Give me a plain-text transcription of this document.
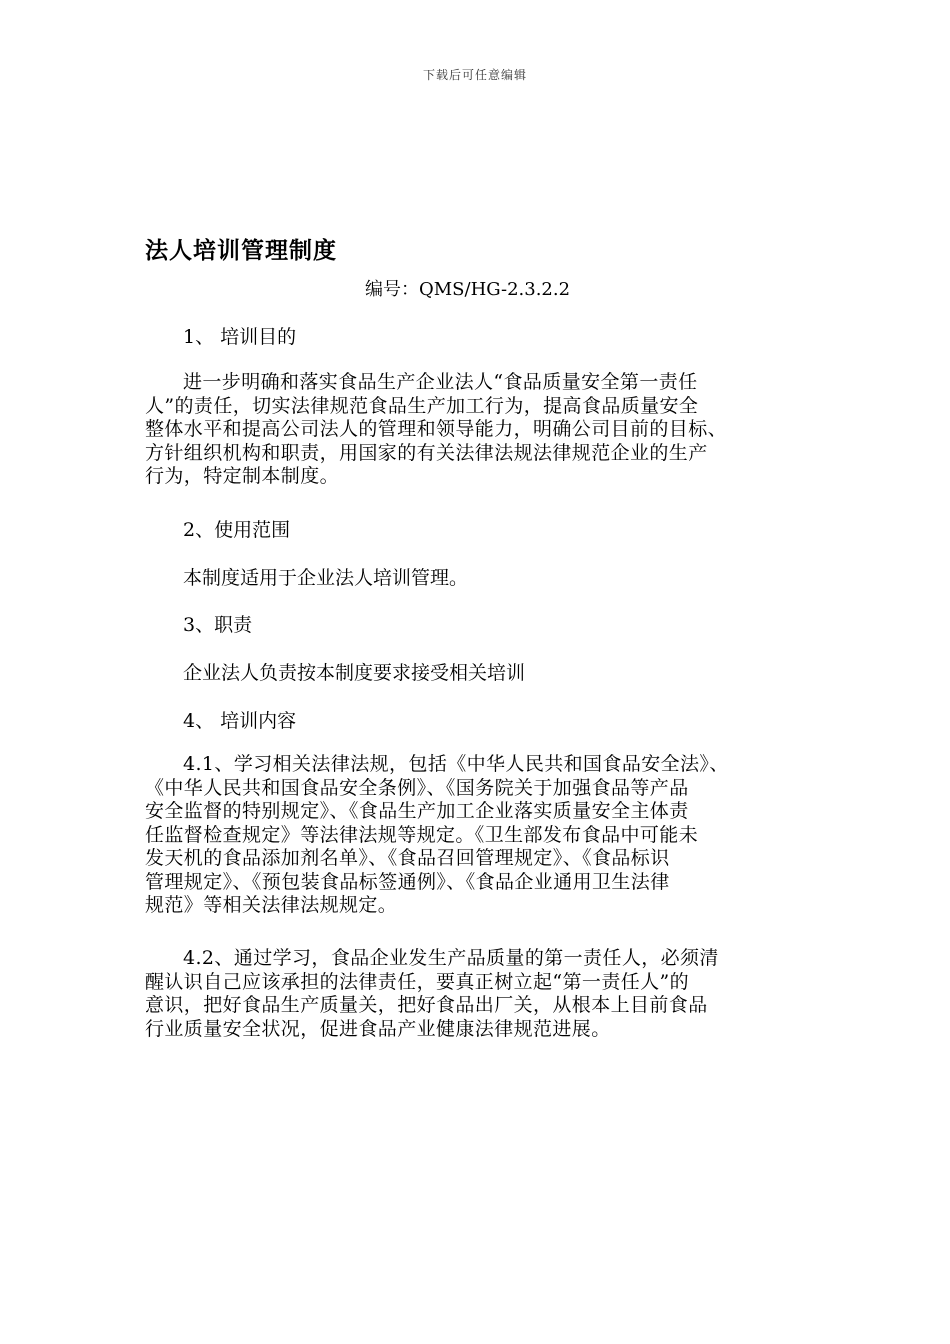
下载后可任意编辑
法人培训管理制度
编号：QMS/HG-2.3.2.2

1、 培训目的

进一步明确和落实食品生产企业法人“食品质量安全第一责任
人”的责任，切实法律规范食品生产加工行为，提高食品质量安全
整体水平和提高公司法人的管理和领导能力，明确公司目前的目标、
方针组织机构和职责，用国家的有关法律法规法律规范企业的生产
行为，特定制本制度。

2、使用范围

本制度适用于企业法人培训管理。

3、职责

企业法人负责按本制度要求接受相关培训

4、 培训内容

4.1、学习相关法律法规，包括《中华人民共和国食品安全法》、
《中华人民共和国食品安全条例》、《国务院关于加强食品等产品
安全监督的特别规定》、《食品生产加工企业落实质量安全主体责
任监督检查规定》等法律法规等规定。《卫生部发布食品中可能未
发天机的食品添加剂名单》、《食品召回管理规定》、《食品标识
管理规定》、《预包装食品标签通例》、《食品企业通用卫生法律
规范》等相关法律法规规定。
4.2、通过学习，食品企业发生产品质量的第一责任人，必须清
醒认识自己应该承担的法律责任，要真正树立起“第一责任人”的
意识，把好食品生产质量关，把好食品出厂关，从根本上目前食品
行业质量安全状况，促进食品产业健康法律规范进展。
